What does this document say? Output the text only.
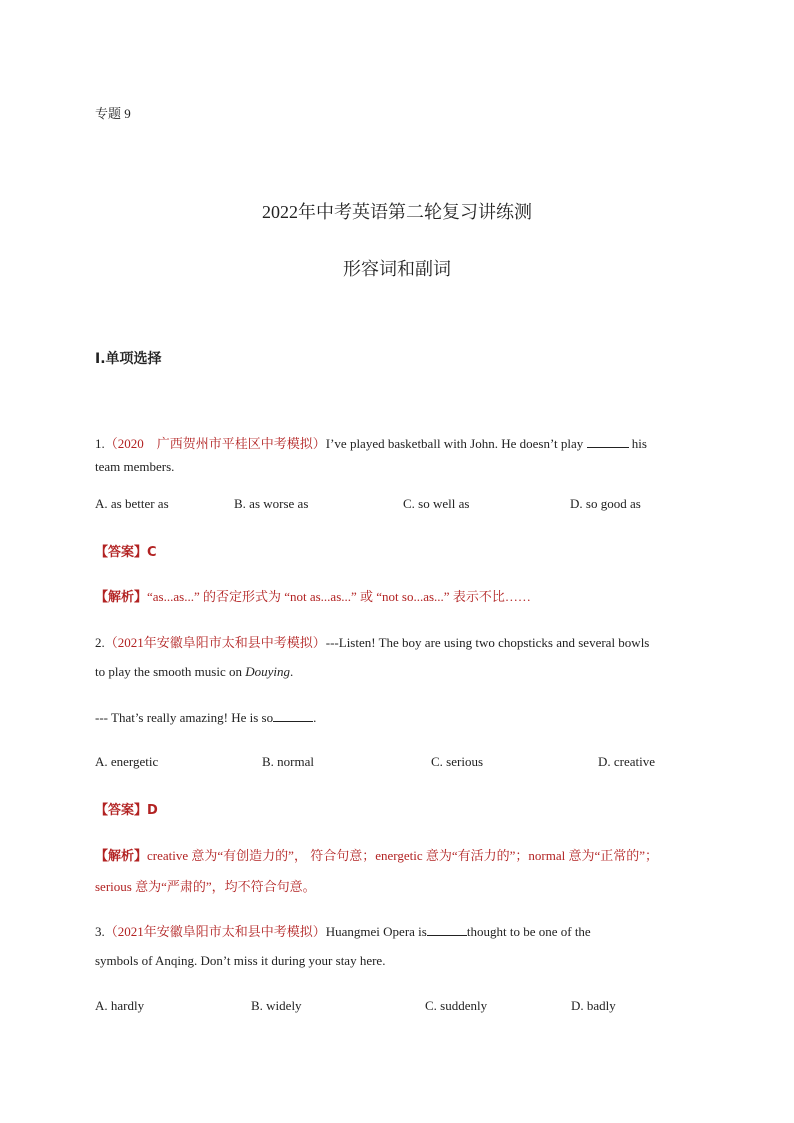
专题 9
2022年中考英语第二轮复习讲练测
形容词和副词
Ⅰ.单项选择
1.（2020　广西贺州市平桂区中考模拟）I’ve played basketball with John. He doesn’t play	his
team members.
A. as better as	B. as worse as	C. so well as	D. so good as
【答案】C
【解析】“as...as...” 的否定形式为 “not as...as...” 或 “not so...as...” 表示不比……
2.（2021年安徽阜阳市太和县中考模拟）---Listen! The boy are using two chopsticks and several bowls
to play the smooth music on Douying.
--- That’s really amazing! He is so	.
A. energetic	B. normal	C. serious	D. creative
【答案】D
【解析】creative 意为“有创造力的”， 符合句意；energetic 意为“有活力的”；normal 意为“正常的”；
serious 意为“严肃的”，均不符合句意。
3.（2021年安徽阜阳市太和县中考模拟）Huangmei Opera is	thought to be one of the
symbols of Anqing. Don’t miss it during your stay here.
A. hardly	B. widely	C. suddenly	D. badly
